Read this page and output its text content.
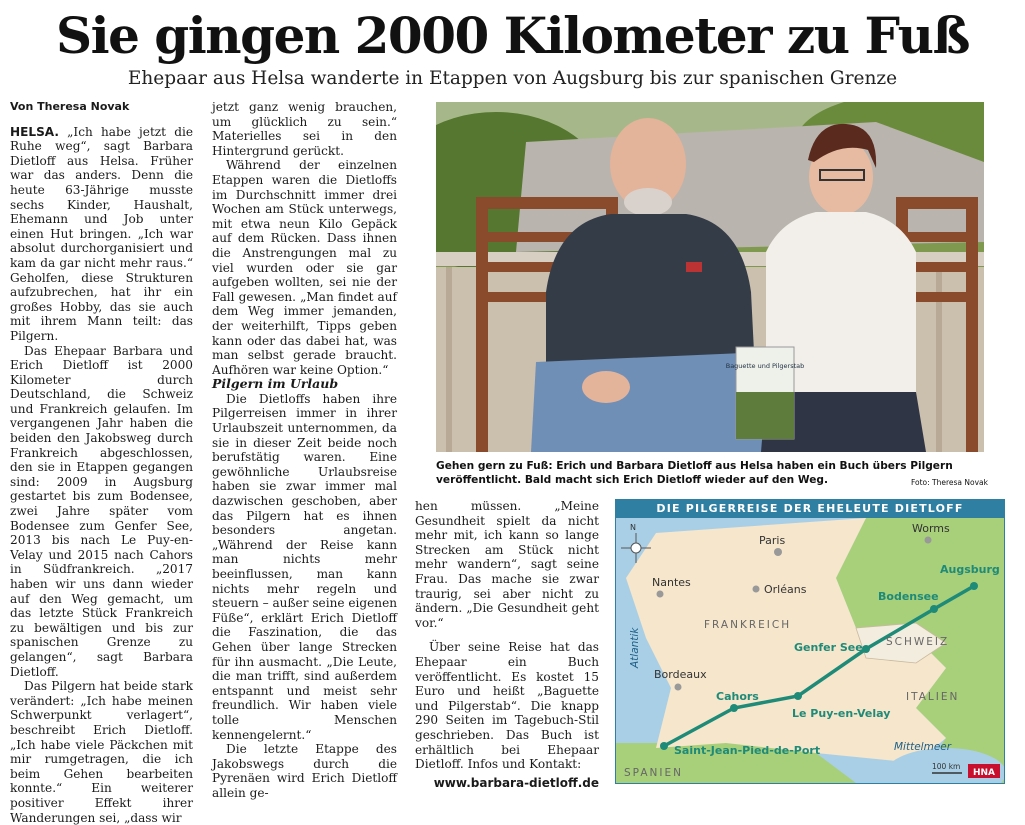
Sie gingen 2000 Kilometer zu Fuß
Ehepaar aus Helsa wanderte in Etappen von Augsburg bis zur spanischen Grenze
Von Theresa Novak

HELSA. „Ich habe jetzt die Ruhe weg“, sagt Barbara Dietloff aus Helsa. Früher war das anders. Denn die heute 63-Jährige musste sechs Kinder, Haushalt, Ehemann und Job unter einen Hut bringen. „Ich war absolut durchorganisiert und kam da gar nicht mehr raus.“ Geholfen, diese Strukturen aufzubrechen, hat ihr ein großes Hobby, das sie auch mit ihrem Mann teilt: das Pilgern.

Das Ehepaar Barbara und Erich Dietloff ist 2000 Kilometer durch Deutschland, die Schweiz und Frankreich gelaufen. Im vergangenen Jahr haben die beiden den Jakobsweg durch Frankreich abgeschlossen, den sie in Etappen gegangen sind: 2009 in Augsburg gestartet bis zum Bodensee, zwei Jahre später vom Bodensee zum Genfer See, 2013 bis nach Le Puy-en-Velay und 2015 nach Cahors in Südfrankreich. „2017 haben wir uns dann wieder auf den Weg gemacht, um das letzte Stück Frankreich zu bewältigen und bis zur spanischen Grenze zu gelangen“, sagt Barbara Dietloff.

Das Pilgern hat beide stark verändert: „Ich habe meinen Schwerpunkt verlagert“, beschreibt Erich Dietloff. „Ich habe viele Päckchen mit mir rumgetragen, die ich beim Gehen bearbeiten konnte.“ Ein weiterer positiver Effekt ihrer Wanderungen sei, „dass wir

jetzt ganz wenig brauchen, um glücklich zu sein.“ Materielles sei in den Hintergrund gerückt.

Während der einzelnen Etappen waren die Dietloffs im Durchschnitt immer drei Wochen am Stück unterwegs, mit etwa neun Kilo Gepäck auf dem Rücken. Dass ihnen die Anstrengungen mal zu viel wurden oder sie gar aufgeben wollten, sei nie der Fall gewesen. „Man findet auf dem Weg immer jemanden, der weiterhilft, Tipps geben kann oder das dabei hat, was man selbst gerade braucht. Aufhören war keine Option.“

Pilgern im Urlaub

Die Dietloffs haben ihre Pilgerreisen immer in ihrer Urlaubszeit unternommen, da sie in dieser Zeit beide noch berufstätig waren. Eine gewöhnliche Urlaubsreise haben sie zwar immer mal dazwischen geschoben, aber das Pilgern hat es ihnen besonders angetan. „Während der Reise kann man nichts mehr beeinflussen, man kann nichts mehr regeln und steuern – außer seine eigenen Füße“, erklärt Erich Dietloff die Faszination, die das Gehen über lange Strecken für ihn ausmacht. „Die Leute, die man trifft, sind außerdem entspannt und meist sehr freundlich. Wir haben viele tolle Menschen kennengelernt.“

Die letzte Etappe des Jakobswegs durch die Pyrenäen wird Erich Dietloff allein ge-

hen müssen. „Meine Gesundheit spielt da nicht mehr mit, ich kann so lange Strecken am Stück nicht mehr wandern“, sagt seine Frau. Das mache sie zwar traurig, sei aber nicht zu ändern. „Die Gesundheit geht vor.“

Über seine Reise hat das Ehepaar ein Buch veröffentlicht. Es kostet 15 Euro und heißt „Baguette und Pilgerstab“. Die knapp 290 Seiten im Tagebuch-Stil geschrieben. Das Buch ist erhältlich bei Ehepaar Dietloff. Infos und Kontakt:

www.barbara-dietloff.de

Baguette und Pilgerstab
Gehen gern zu Fuß: Erich und Barbara Dietloff aus Helsa haben ein Buch übers Pilgern veröffentlicht. Bald macht sich Erich Dietloff wieder auf den Weg.	Foto: Theresa Novak
DIE PILGERREISE DER EHELEUTE DIETLOFF
N
Paris
Worms
Nantes
Orléans
Bordeaux
Augsburg
Bodensee
Genfer See
Cahors
Le Puy-en-Velay
Saint-Jean-Pied-de-Port
FRANKREICH
SCHWEIZ
ITALIEN
SPANIEN
Atlantik
Mittelmeer
100 km
HNA
